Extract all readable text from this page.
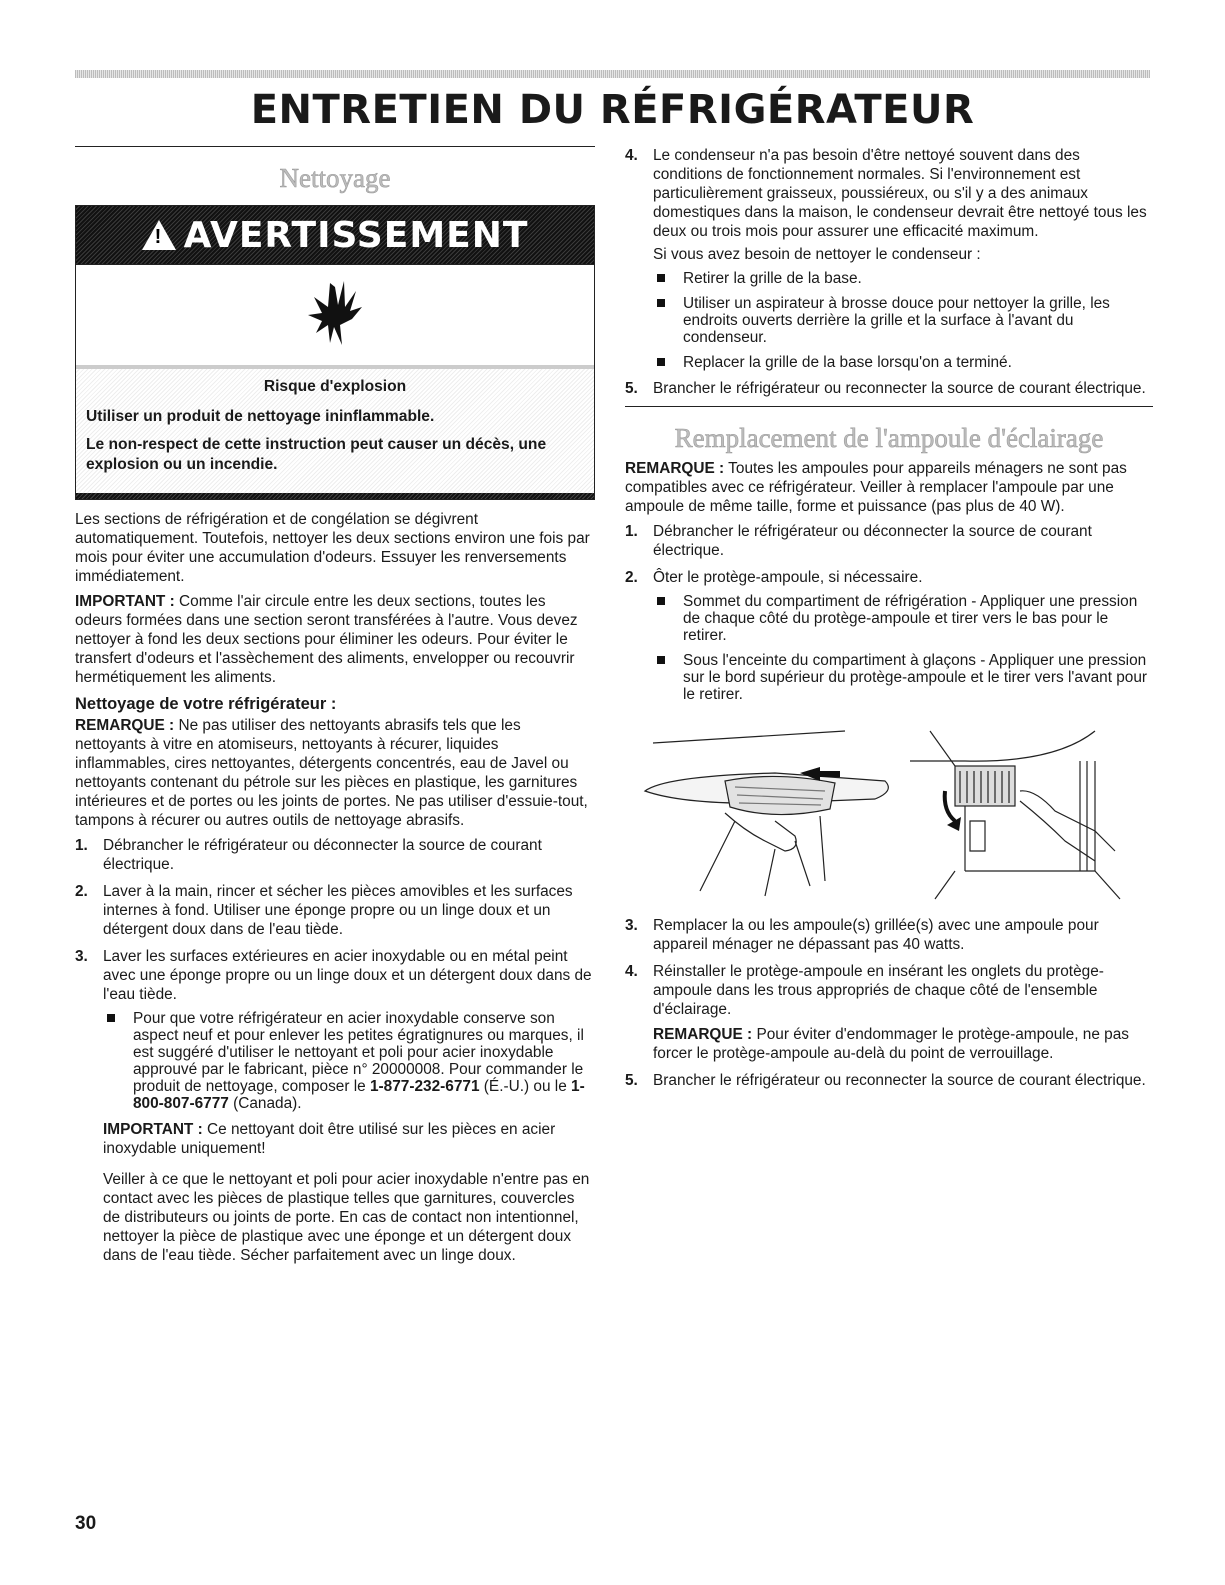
ENTRETIEN DU RÉFRIGÉRATEUR
Nettoyage
! AVERTISSEMENT

Risque d'explosion

Utiliser un produit de nettoyage ininflammable.

Le non-respect de cette instruction peut causer un décès, une explosion ou un incendie.

Les sections de réfrigération et de congélation se dégivrent automatiquement. Toutefois, nettoyer les deux sections environ une fois par mois pour éviter une accumulation d'odeurs. Essuyer les renversements immédiatement.

IMPORTANT : Comme l'air circule entre les deux sections, toutes les odeurs formées dans une section seront transférées à l'autre. Vous devez nettoyer à fond les deux sections pour éliminer les odeurs. Pour éviter le transfert d'odeurs et l'assèchement des aliments, envelopper ou recouvrir hermétiquement les aliments.

Nettoyage de votre réfrigérateur :

REMARQUE : Ne pas utiliser des nettoyants abrasifs tels que les nettoyants à vitre en atomiseurs, nettoyants à récurer, liquides inflammables, cires nettoyantes, détergents concentrés, eau de Javel ou nettoyants contenant du pétrole sur les pièces en plastique, les garnitures intérieures et de portes ou les joints de portes. Ne pas utiliser d'essuie-tout, tampons à récurer ou autres outils de nettoyage abrasifs.

1. Débrancher le réfrigérateur ou déconnecter la source de courant électrique.
2. Laver à la main, rincer et sécher les pièces amovibles et les surfaces internes à fond. Utiliser une éponge propre ou un linge doux et un détergent doux dans de l'eau tiède.
3. Laver les surfaces extérieures en acier inoxydable ou en métal peint avec une éponge propre ou un linge doux et un détergent doux dans de l'eau tiède.
Pour que votre réfrigérateur en acier inoxydable conserve son aspect neuf et pour enlever les petites égratignures ou marques, il est suggéré d'utiliser le nettoyant et poli pour acier inoxydable approuvé par le fabricant, pièce n° 20000008. Pour commander le produit de nettoyage, composer le 1-877-232-6771 (É.-U.) ou le 1-800-807-6777 (Canada).

IMPORTANT : Ce nettoyant doit être utilisé sur les pièces en acier inoxydable uniquement!

Veiller à ce que le nettoyant et poli pour acier inoxydable n'entre pas en contact avec les pièces de plastique telles que garnitures, couvercles de distributeurs ou joints de porte. En cas de contact non intentionnel, nettoyer la pièce de plastique avec une éponge et un détergent doux dans de l'eau tiède. Sécher parfaitement avec un linge doux.

4. Le condenseur n'a pas besoin d'être nettoyé souvent dans des conditions de fonctionnement normales. Si l'environnement est particulièrement graisseux, poussiéreux, ou s'il y a des animaux domestiques dans la maison, le condenseur devrait être nettoyé tous les deux ou trois mois pour assurer une efficacité maximum.

Si vous avez besoin de nettoyer le condenseur :

Retirer la grille de la base.
Utiliser un aspirateur à brosse douce pour nettoyer la grille, les endroits ouverts derrière la grille et la surface à l'avant du condenseur.
Replacer la grille de la base lorsqu'on a terminé.
5. Brancher le réfrigérateur ou reconnecter la source de courant électrique.
Remplacement de l'ampoule d'éclairage

REMARQUE : Toutes les ampoules pour appareils ménagers ne sont pas compatibles avec ce réfrigérateur. Veiller à remplacer l'ampoule par une ampoule de même taille, forme et puissance (pas plus de 40 W).

1. Débrancher le réfrigérateur ou déconnecter la source de courant électrique.
2. Ôter le protège-ampoule, si nécessaire.
Sommet du compartiment de réfrigération - Appliquer une pression de chaque côté du protège-ampoule et tirer vers le bas pour le retirer.
Sous l'enceinte du compartiment à glaçons - Appliquer une pression sur le bord supérieur du protège-ampoule et le tirer vers l'avant pour le retirer.
3. Remplacer la ou les ampoule(s) grillée(s) avec une ampoule pour appareil ménager ne dépassant pas 40 watts.
4. Réinstaller le protège-ampoule en insérant les onglets du protège-ampoule dans les trous appropriés de chaque côté de l'ensemble d'éclairage.

REMARQUE : Pour éviter d'endommager le protège-ampoule, ne pas forcer le protège-ampoule au-delà du point de verrouillage.

5. Brancher le réfrigérateur ou reconnecter la source de courant électrique.
30
